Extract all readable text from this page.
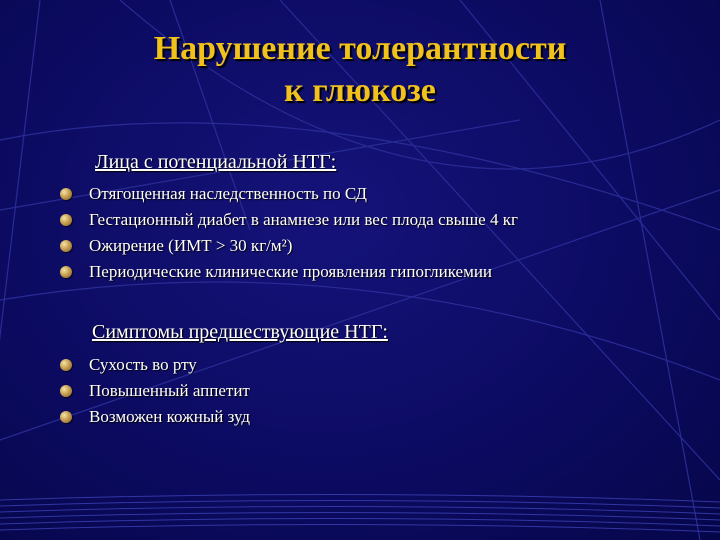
Нарушение толерантности
к глюкозе
Лица с потенциальной НТГ:
Отягощенная наследственность по СД
Гестационный диабет в анамнезе или вес плода свыше 4 кг
Ожирение (ИМТ > 30 кг/м²)
Периодические клинические проявления гипогликемии
Симптомы предшествующие НТГ:
Сухость во рту
Повышенный аппетит
Возможен кожный зуд
